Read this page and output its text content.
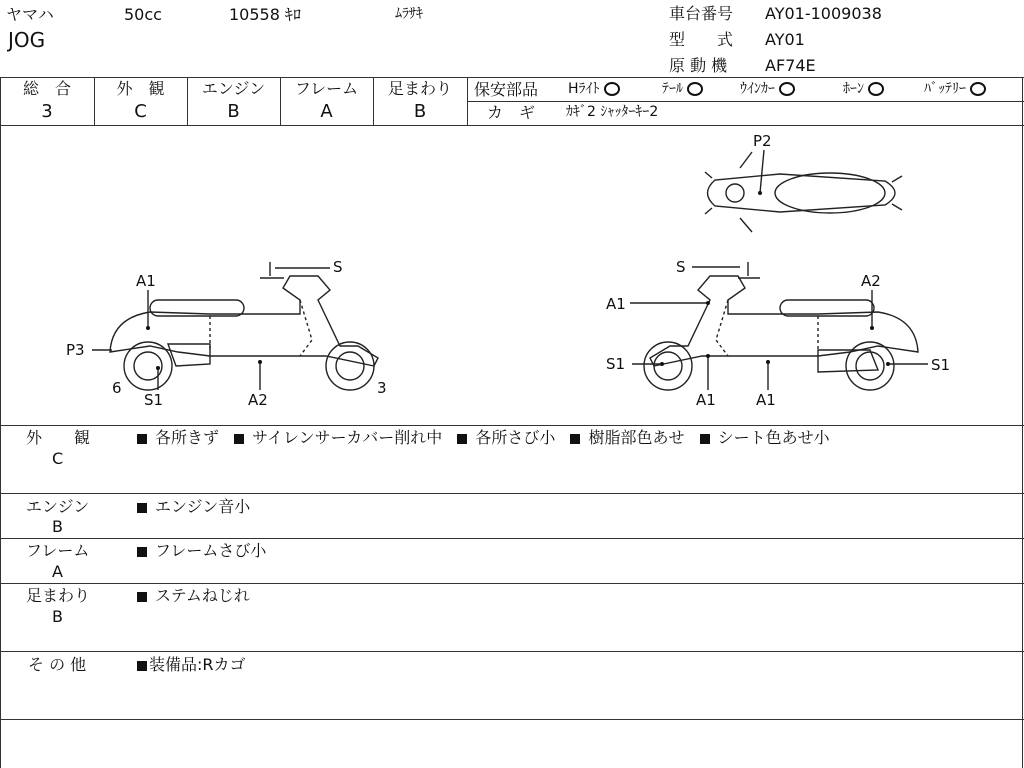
ヤマハ
JOG
50cc	10558 ｷﾛ	ﾑﾗｻｷ	車台番号 AY01-1009038
型　　式 AY01
原 動 機 AF74E
総　合
3
外　観
C
エンジン
B
フレーム
A
足まわり
B
保安部品 Hﾗｲﾄ	ﾃｰﾙ	ｳｲﾝｶｰ	ﾎｰﾝ	ﾊﾞｯﾃﾘｰ
カ　ギ ｶｷﾞ2 ｼｬｯﾀｰｷｰ2
P2
A1
S
P3
6
S1	A2
3
S
A2
A1
S1	S1
A1	A1
外　　観
C
各所きず サイレンサーカバー削れ中 各所さび小 樹脂部色あせ シート色あせ小
エンジン
B
エンジン音小
フレーム
A
フレームさび小
足まわり
B
ステムねじれ
そ の 他	装備品:Rカゴ
